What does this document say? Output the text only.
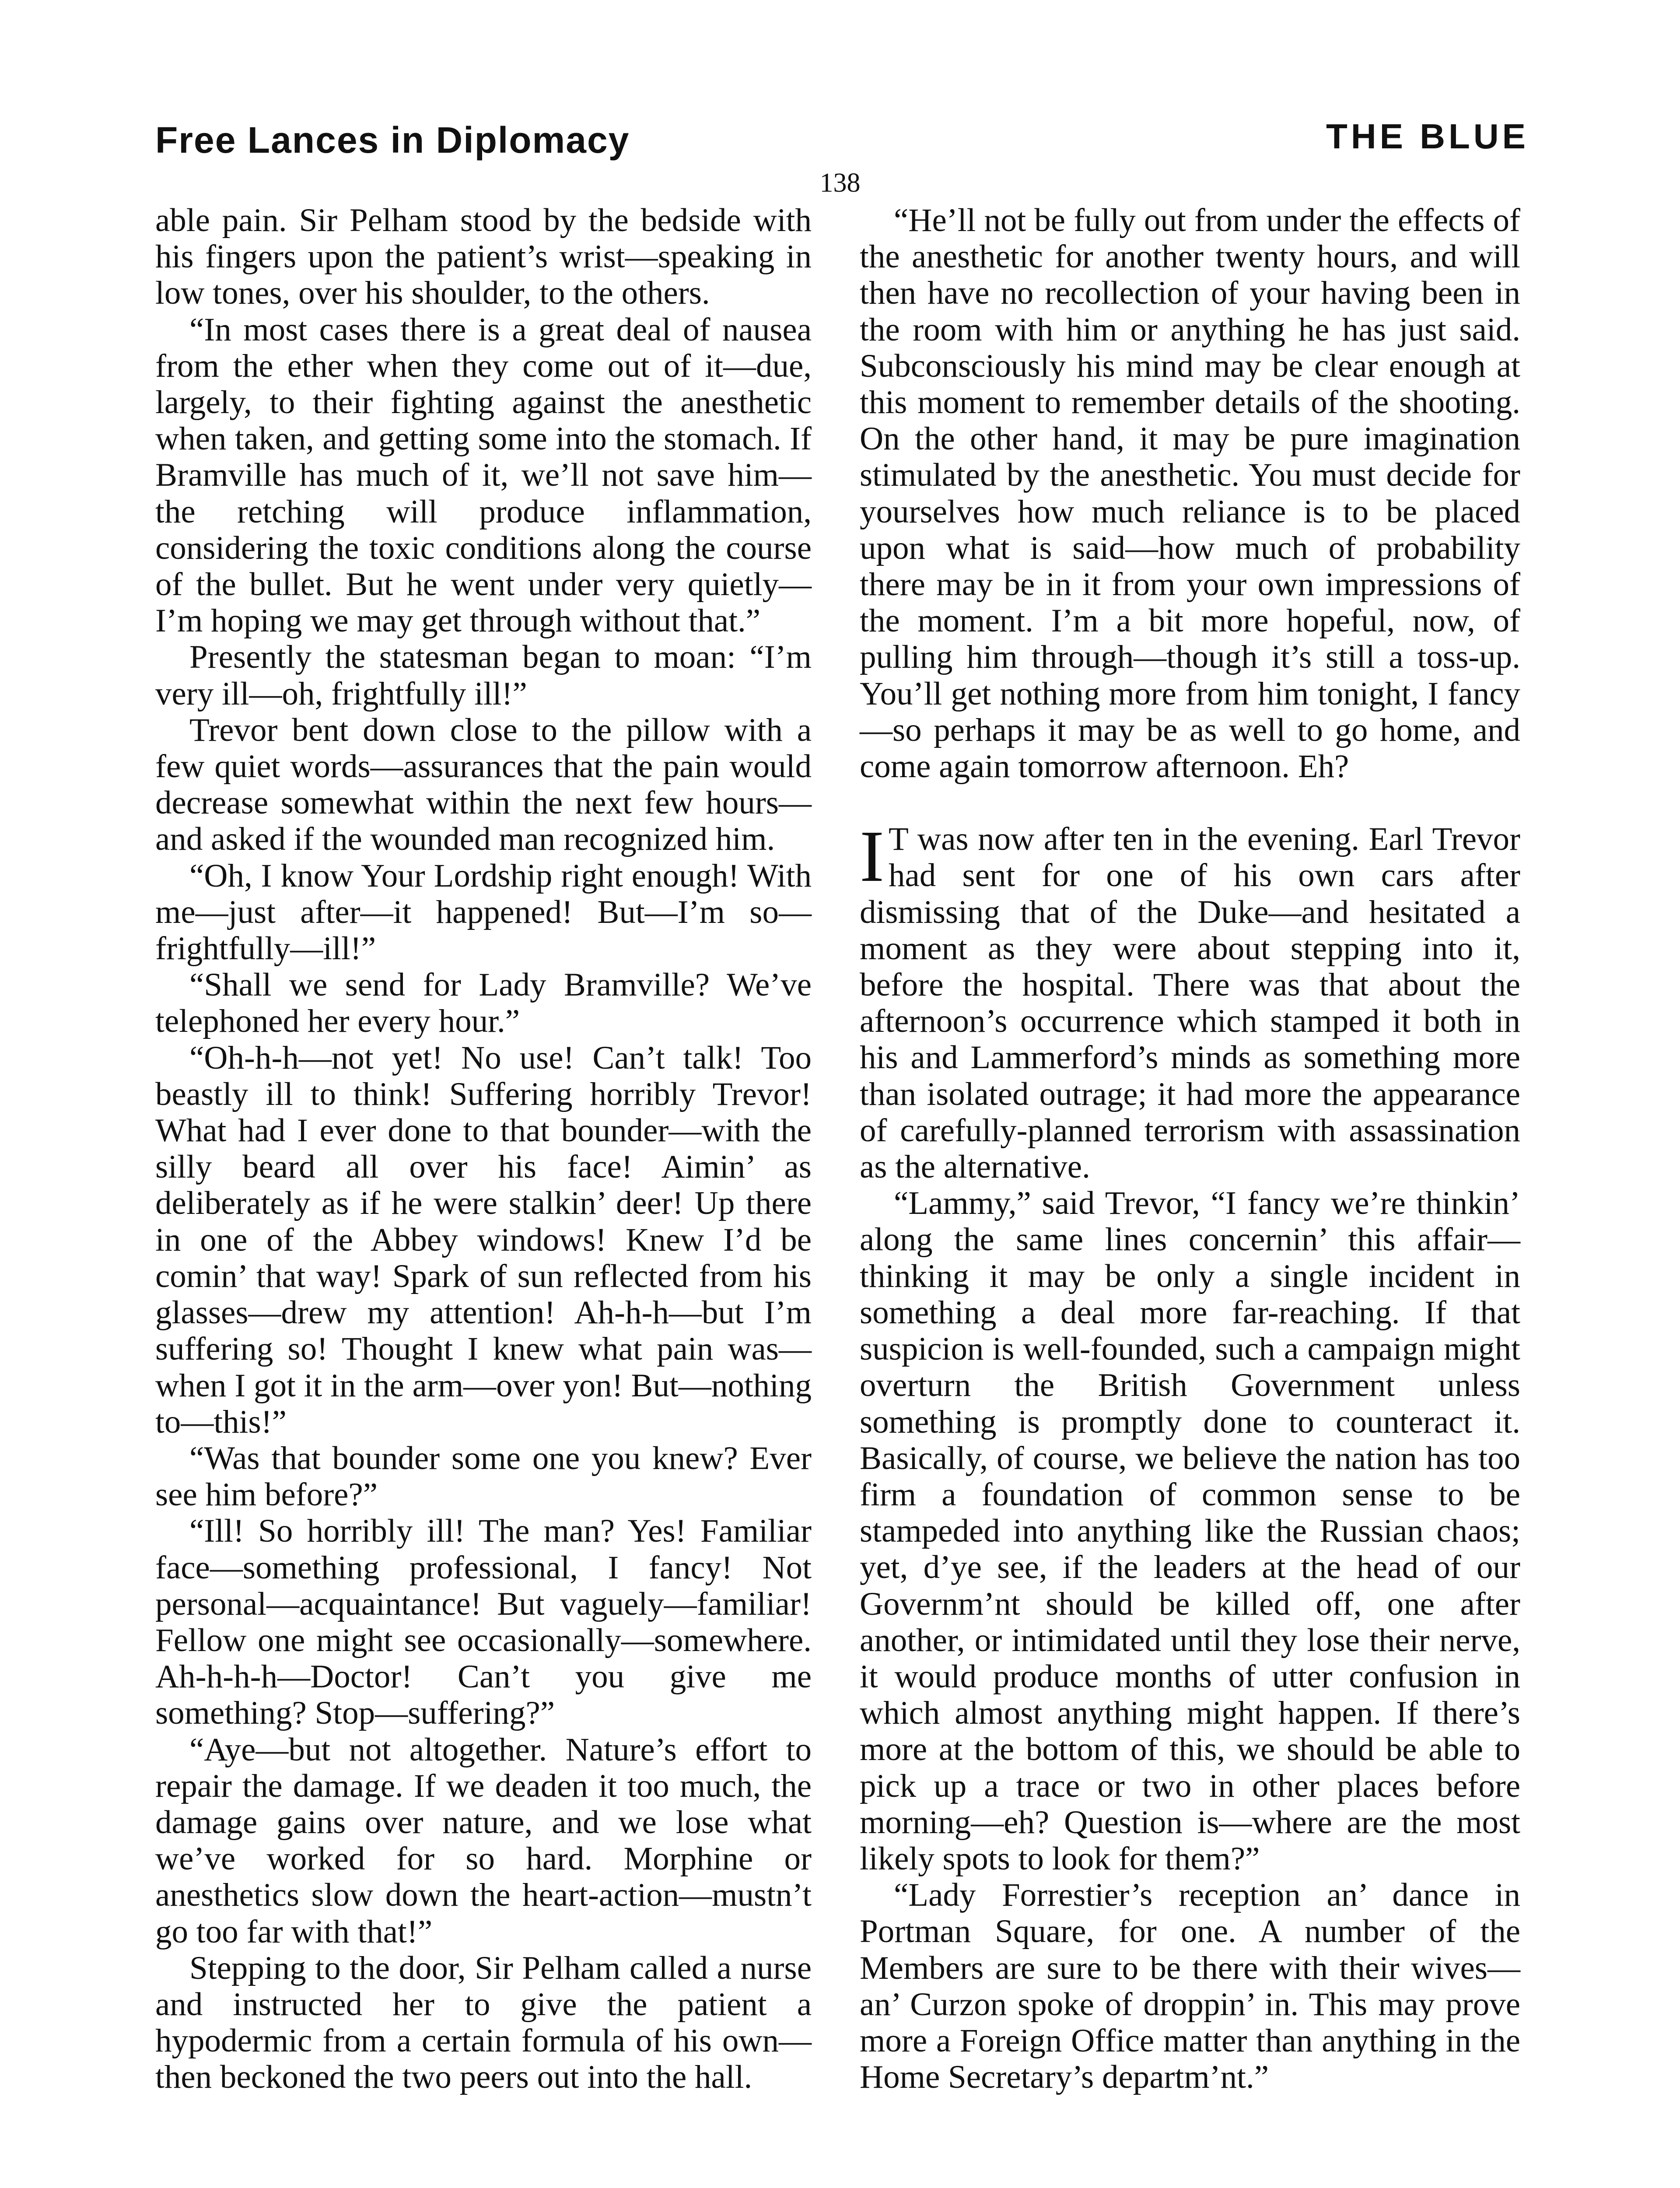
Free Lances in Diplomacy	THE BLUE
138

able pain. Sir Pelham stood by the bedside with his fingers upon the patient’s wrist—speaking in low tones, over his shoulder, to the others.

“In most cases there is a great deal of nausea from the ether when they come out of it—due, largely, to their fighting against the anesthetic when taken, and getting some into the stomach. If Bramville has much of it, we’ll not save him—the retching will produce inflammation, considering the toxic conditions along the course of the bullet. But he went under very quietly—I’m hoping we may get through without that.”

Presently the statesman began to moan: “I’m very ill—oh, frightfully ill!”

Trevor bent down close to the pillow with a few quiet words—assurances that the pain would decrease somewhat within the next few hours—and asked if the wounded man recognized him.

“Oh, I know Your Lordship right enough! With me—just after—it happened! But—I’m so—frightfully—ill!”

“Shall we send for Lady Bramville? We’ve telephoned her every hour.”

“Oh-h-h—not yet! No use! Can’t talk! Too beastly ill to think! Suffering horribly Trevor! What had I ever done to that bounder—with the silly beard all over his face! Aimin’ as deliberately as if he were stalkin’ deer! Up there in one of the Abbey windows! Knew I’d be comin’ that way! Spark of sun reflected from his glasses—drew my attention! Ah-h-h—but I’m suffering so! Thought I knew what pain was—when I got it in the arm—over yon! But—nothing to—this!”

“Was that bounder some one you knew? Ever see him before?”

“Ill! So horribly ill! The man? Yes! Familiar face—something professional, I fancy! Not personal—acquaintance! But vaguely—familiar! Fellow one might see occasionally—somewhere. Ah-h-h-h—Doctor! Can’t you give me something? Stop—suffering?”

“Aye—but not altogether. Nature’s effort to repair the damage. If we deaden it too much, the damage gains over nature, and we lose what we’ve worked for so hard. Morphine or anesthetics slow down the heart-action—mustn’t go too far with that!”

Stepping to the door, Sir Pelham called a nurse and instructed her to give the patient a hypodermic from a certain formula of his own—then beckoned the two peers out into the hall.

“He’ll not be fully out from under the effects of the anesthetic for another twenty hours, and will then have no recollection of your having been in the room with him or anything he has just said. Subconsciously his mind may be clear enough at this moment to remember details of the shooting. On the other hand, it may be pure imagination stimulated by the anesthetic. You must decide for yourselves how much reliance is to be placed upon what is said—how much of probability there may be in it from your own impressions of the moment. I’m a bit more hopeful, now, of pulling him through—though it’s still a toss-up. You’ll get nothing more from him tonight, I fancy—so perhaps it may be as well to go home, and come again tomorrow afternoon. Eh?

I T was now after ten in the evening. Earl Trevor had sent for one of his own cars after dismissing that of the Duke—and hesitated a moment as they were about stepping into it, before the hospital. There was that about the afternoon’s occurrence which stamped it both in his and Lammerford’s minds as something more than isolated outrage; it had more the appearance of carefully-planned terrorism with assassination as the alternative.

“Lammy,” said Trevor, “I fancy we’re thinkin’ along the same lines concernin’ this affair—thinking it may be only a single incident in something a deal more far-reaching. If that suspicion is well-founded, such a campaign might overturn the British Government unless something is promptly done to counteract it. Basically, of course, we believe the nation has too firm a foundation of common sense to be stampeded into anything like the Russian chaos; yet, d’ye see, if the leaders at the head of our Governm’nt should be killed off, one after another, or intimidated until they lose their nerve, it would produce months of utter confusion in which almost anything might happen. If there’s more at the bottom of this, we should be able to pick up a trace or two in other places before morning—eh? Question is—where are the most likely spots to look for them?”

“Lady Forrestier’s reception an’ dance in Portman Square, for one. A number of the Members are sure to be there with their wives—an’ Curzon spoke of droppin’ in. This may prove more a Foreign Office matter than anything in the Home Secretary’s departm’nt.”
